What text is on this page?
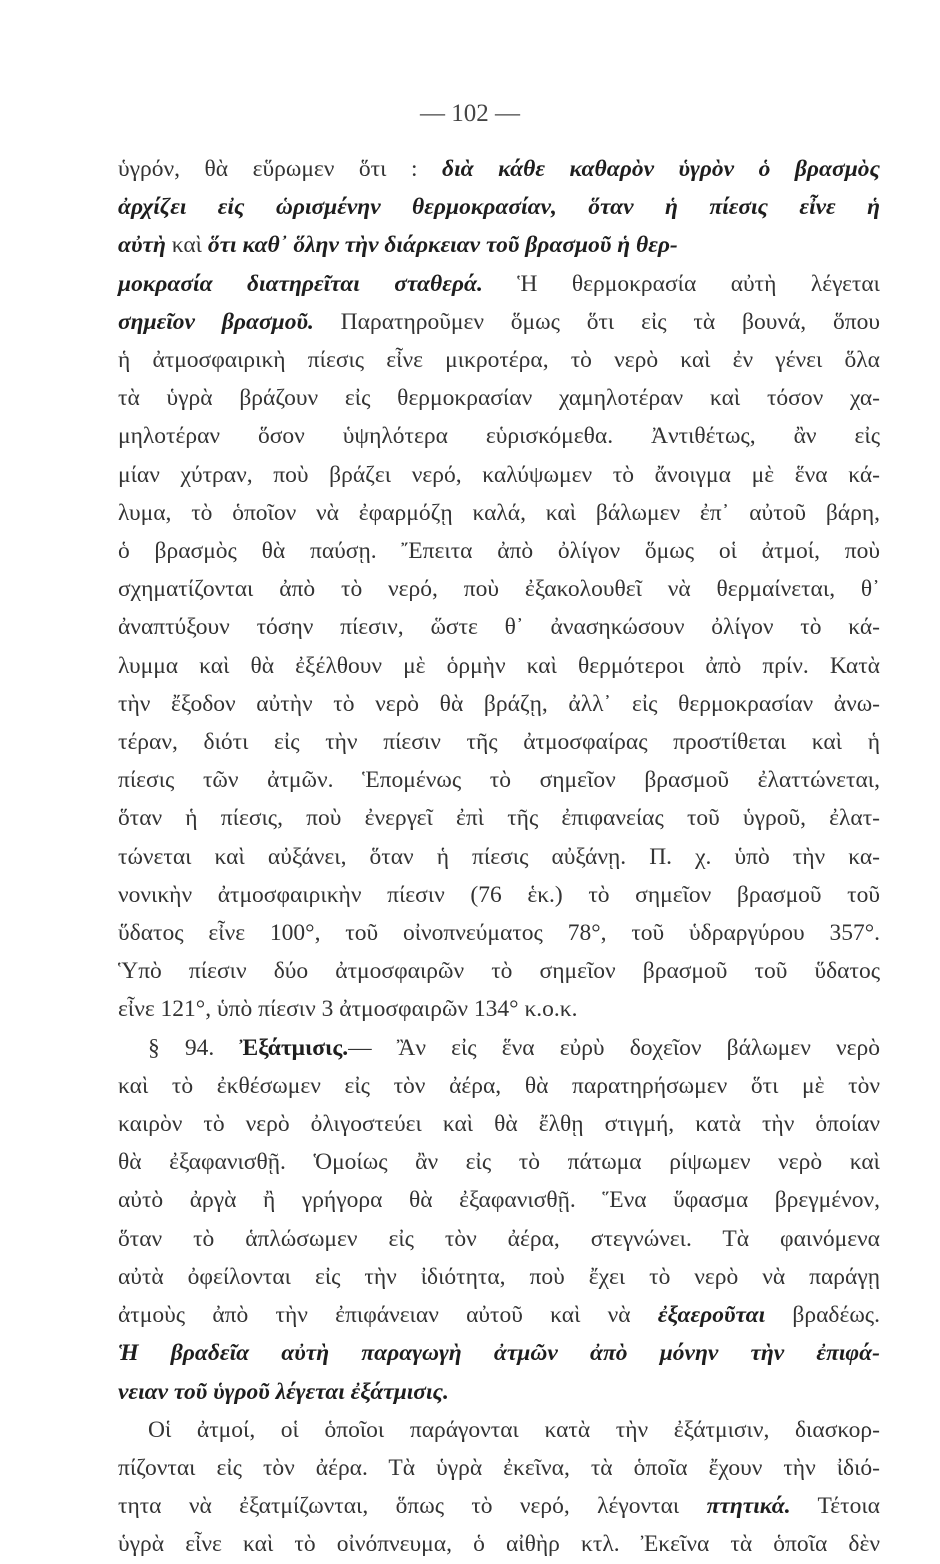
— 102 —
ὑγρόν, θὰ εὕρωμεν ὅτι : διὰ κάθε καθαρὸν ὑγρὸν ὁ βρασμὸς
ἀρχίζει εἰς ὡρισμένην θερμοκρασίαν, ὅταν ἡ πίεσις εἶνε ἡ
αὐτὴ καὶ ὅτι καθ᾽ ὅλην τὴν διάρκειαν τοῦ βρασμοῦ ἡ θερ-
μοκρασία διατηρεῖται σταθερά. Ἡ θερμοκρασία αὐτὴ λέγεται
σημεῖον βρασμοῦ. Παρατηροῦμεν ὅμως ὅτι εἰς τὰ βουνά, ὅπου
ἡ ἀτμοσφαιρικὴ πίεσις εἶνε μικροτέρα, τὸ νερὸ καὶ ἐν γένει ὅλα
τὰ ὑγρὰ βράζουν εἰς θερμοκρασίαν χαμηλοτέραν καὶ τόσον χα-
μηλοτέραν ὅσον ὑψηλότερα εὑρισκόμεθα. Ἀντιθέτως, ἂν εἰς
μίαν χύτραν, ποὺ βράζει νερό, καλύψωμεν τὸ ἄνοιγμα μὲ ἕνα κά-
λυμα, τὸ ὁποῖον νὰ ἐφαρμόζῃ καλά, καὶ βάλωμεν ἐπ᾽ αὐτοῦ βάρη,
ὁ βρασμὸς θὰ παύσῃ. Ἔπειτα ἀπὸ ὀλίγον ὅμως οἱ ἀτμοί, ποὺ
σχηματίζονται ἀπὸ τὸ νερό, ποὺ ἐξακολουθεῖ νὰ θερμαίνεται, θ᾽
ἀναπτύξουν τόσην πίεσιν, ὥστε θ᾽ ἀνασηκώσουν ὀλίγον τὸ κά-
λυμμα καὶ θὰ ἐξέλθουν μὲ ὁρμὴν καὶ θερμότεροι ἀπὸ πρίν. Κατὰ
τὴν ἔξοδον αὐτὴν τὸ νερὸ θὰ βράζῃ, ἀλλ᾽ εἰς θερμοκρασίαν ἀνω-
τέραν, διότι εἰς τὴν πίεσιν τῆς ἀτμοσφαίρας προστίθεται καὶ ἡ
πίεσις τῶν ἀτμῶν. Ἑπομένως τὸ σημεῖον βρασμοῦ ἐλαττώνεται,
ὅταν ἡ πίεσις, ποὺ ἐνεργεῖ ἐπὶ τῆς ἐπιφανείας τοῦ ὑγροῦ, ἐλατ-
τώνεται καὶ αὐξάνει, ὅταν ἡ πίεσις αὐξάνῃ. Π. χ. ὑπὸ τὴν κα-
νονικὴν ἀτμοσφαιρικὴν πίεσιν (76 ἑκ.) τὸ σημεῖον βρασμοῦ τοῦ
ὕδατος εἶνε 100°, τοῦ οἰνοπνεύματος 78°, τοῦ ὑδραργύρου 357°.
Ὑπὸ πίεσιν δύο ἀτμοσφαιρῶν τὸ σημεῖον βρασμοῦ τοῦ ὕδατος
εἶνε 121°, ὑπὸ πίεσιν 3 ἀτμοσφαιρῶν 134° κ.ο.κ.
§ 94. Ἐξάτμισις.— Ἂν εἰς ἕνα εὐρὺ δοχεῖον βάλωμεν νερὸ
καὶ τὸ ἐκθέσωμεν εἰς τὸν ἀέρα, θὰ παρατηρήσωμεν ὅτι μὲ τὸν
καιρὸν τὸ νερὸ ὀλιγοστεύει καὶ θὰ ἔλθῃ στιγμή, κατὰ τὴν ὁποίαν
θὰ ἐξαφανισθῇ. Ὁμοίως ἂν εἰς τὸ πάτωμα ρίψωμεν νερὸ καὶ
αὐτὸ ἀργὰ ἢ γρήγορα θὰ ἐξαφανισθῇ. Ἕνα ὕφασμα βρεγμένον,
ὅταν τὸ ἁπλώσωμεν εἰς τὸν ἀέρα, στεγνώνει. Τὰ φαινόμενα
αὐτὰ ὀφείλονται εἰς τὴν ἰδιότητα, ποὺ ἔχει τὸ νερὸ νὰ παράγῃ
ἀτμοὺς ἀπὸ τὴν ἐπιφάνειαν αὐτοῦ καὶ νὰ ἐξαεροῦται βραδέως.
Ἡ βραδεῖα αὐτὴ παραγωγὴ ἀτμῶν ἀπὸ μόνην τὴν ἐπιφά-
νειαν τοῦ ὑγροῦ λέγεται ἐξάτμισις.
Οἱ ἀτμοί, οἱ ὁποῖοι παράγονται κατὰ τὴν ἐξάτμισιν, διασκορ-
πίζονται εἰς τὸν ἀέρα. Τὰ ὑγρὰ ἐκεῖνα, τὰ ὁποῖα ἔχουν τὴν ἰδιό-
τητα νὰ ἐξατμίζωνται, ὅπως τὸ νερό, λέγονται πτητικά. Τέτοια
ὑγρὰ εἶνε καὶ τὸ οἰνόπνευμα, ὁ αἰθὴρ κτλ. Ἐκεῖνα τὰ ὁποῖα δὲν
